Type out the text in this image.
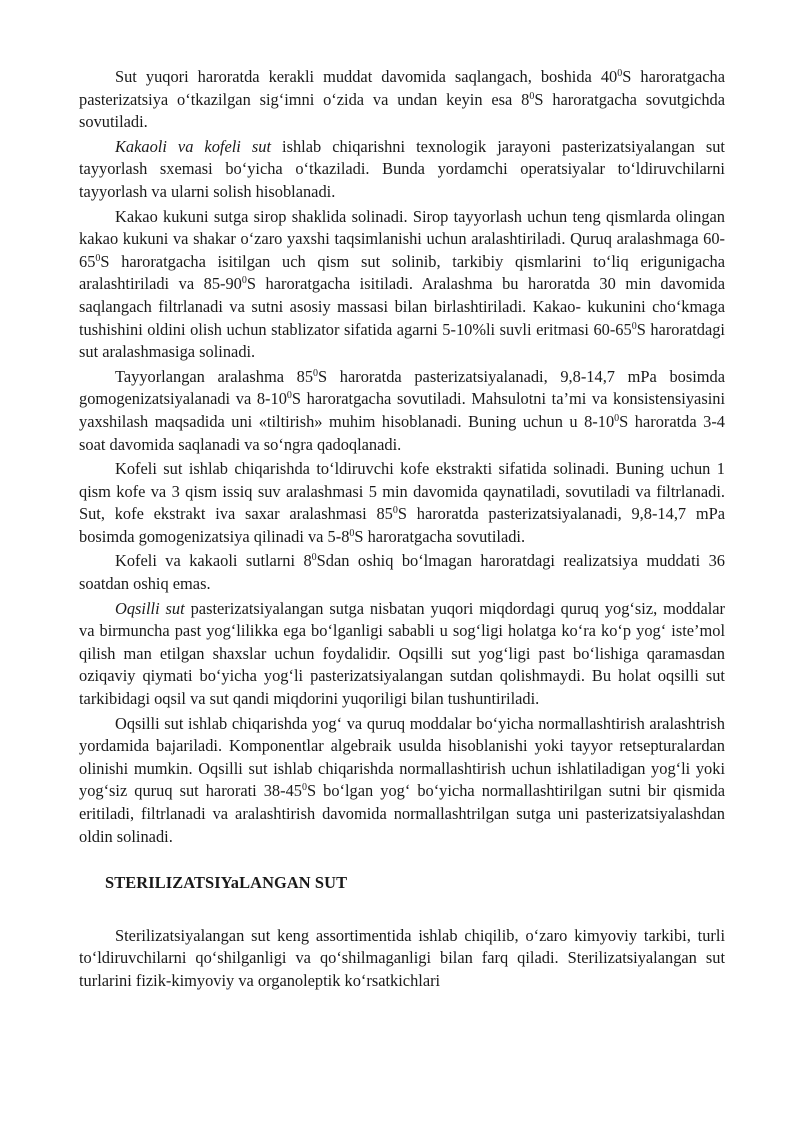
Sut yuqori haroratda kerakli muddat davomida saqlangach, boshida $40^0S$ haroratgacha pasterizatsiya o‘tkazilgan sig‘imni o‘zida va undan keyin esa $8^0S$ haroratgacha sovutgichda sovutiladi.

Kakaoli va kofeli sut ishlab chiqarishni texnologik jarayoni pasterizatsiyalangan sut tayyorlash sxemasi bo‘yicha o‘tkaziladi. Bunda yordamchi operatsiyalar to‘ldiruvchilarni tayyorlash va ularni solish hisoblanadi.

Kakao kukuni sutga sirop shaklida solinadi. Sirop tayyorlash uchun teng qismlarda olingan kakao kukuni va shakar o‘zaro yaxshi taqsimlanishi uchun aralashtiriladi. Quruq aralashmaga $60-65^0S$ haroratgacha isitilgan uch qism sut solinib, tarkibiy qismlarini to‘liq erigunigacha aralashtiriladi va $85-90^0S$ haroratgacha isitiladi. Aralashma bu haroratda 30 min davomida saqlangach filtrlanadi va sutni asosiy massasi bilan birlashtiriladi. Kakao- kukunini cho‘kmaga tushishini oldini olish uchun stablizator sifatida agarni 5-10%li suvli eritmasi $60-65^0S$ haroratdagi sut aralashmasiga solinadi.

Tayyorlangan aralashma $85^0S$ haroratda pasterizatsiyalanadi, 9,8-14,7 mPa bosimda gomogenizatsiyalanadi va $8-10^0S$ haroratgacha sovutiladi. Mahsulotni ta’mi va konsistensiyasini yaxshilash maqsadida uni «tiltirish» muhim hisoblanadi. Buning uchun u $8-10^0S$ haroratda 3-4 soat davomida saqlanadi va so‘ngra qadoqlanadi.

Kofeli sut ishlab chiqarishda to‘ldiruvchi kofe ekstrakti sifatida solinadi. Buning uchun 1 qism kofe va 3 qism issiq suv aralashmasi 5 min davomida qaynatiladi, sovutiladi va filtrlanadi. Sut, kofe ekstrakt iva saxar aralashmasi $85^0S$ haroratda pasterizatsiyalanadi, 9,8-14,7 mPa bosimda gomogenizatsiya qilinadi va $5-8^0S$ haroratgacha sovutiladi.

Kofeli va kakaoli sutlarni $8^0Sdan$ oshiq bo‘lmagan haroratdagi realizatsiya muddati 36 soatdan oshiq emas.

Oqsilli sut pasterizatsiyalangan sutga nisbatan yuqori miqdordagi quruq yog‘siz, moddalar va birmuncha past yog‘lilikka ega bo‘lganligi sababli u sog‘ligi holatga ko‘ra ko‘p yog‘ iste’mol qilish man etilgan shaxslar uchun foydalidir. Oqsilli sut yog‘ligi past bo‘lishiga qaramasdan oziqaviy qiymati bo‘yicha yog‘li pasterizatsiyalangan sutdan qolishmaydi. Bu holat oqsilli sut tarkibidagi oqsil va sut qandi miqdorini yuqoriligi bilan tushuntiriladi.

Oqsilli sut ishlab chiqarishda yog‘ va quruq moddalar bo‘yicha normallashtirish aralashtrish yordamida bajariladi. Komponentlar algebraik usulda hisoblanishi yoki tayyor retsepturalardan olinishi mumkin. Oqsilli sut ishlab chiqarishda normallashtirish uchun ishlatiladigan yog‘li yoki yog‘siz quruq sut harorati $38-45^0S$ bo‘lgan yog‘ bo‘yicha normallashtirilgan sutni bir qismida eritiladi, filtrlanadi va aralashtirish davomida normallashtrilgan sutga uni pasterizatsiyalashdan oldin solinadi.

STERILIZATSIYaLANGAN SUT

Sterilizatsiyalangan sut keng assortimentida ishlab chiqilib, o‘zaro kimyoviy tarkibi, turli to‘ldiruvchilarni qo‘shilganligi va qo‘shilmaganligi bilan farq qiladi. Sterilizatsiyalangan sut turlarini fizik-kimyoviy va organoleptik ko‘rsatkichlari
